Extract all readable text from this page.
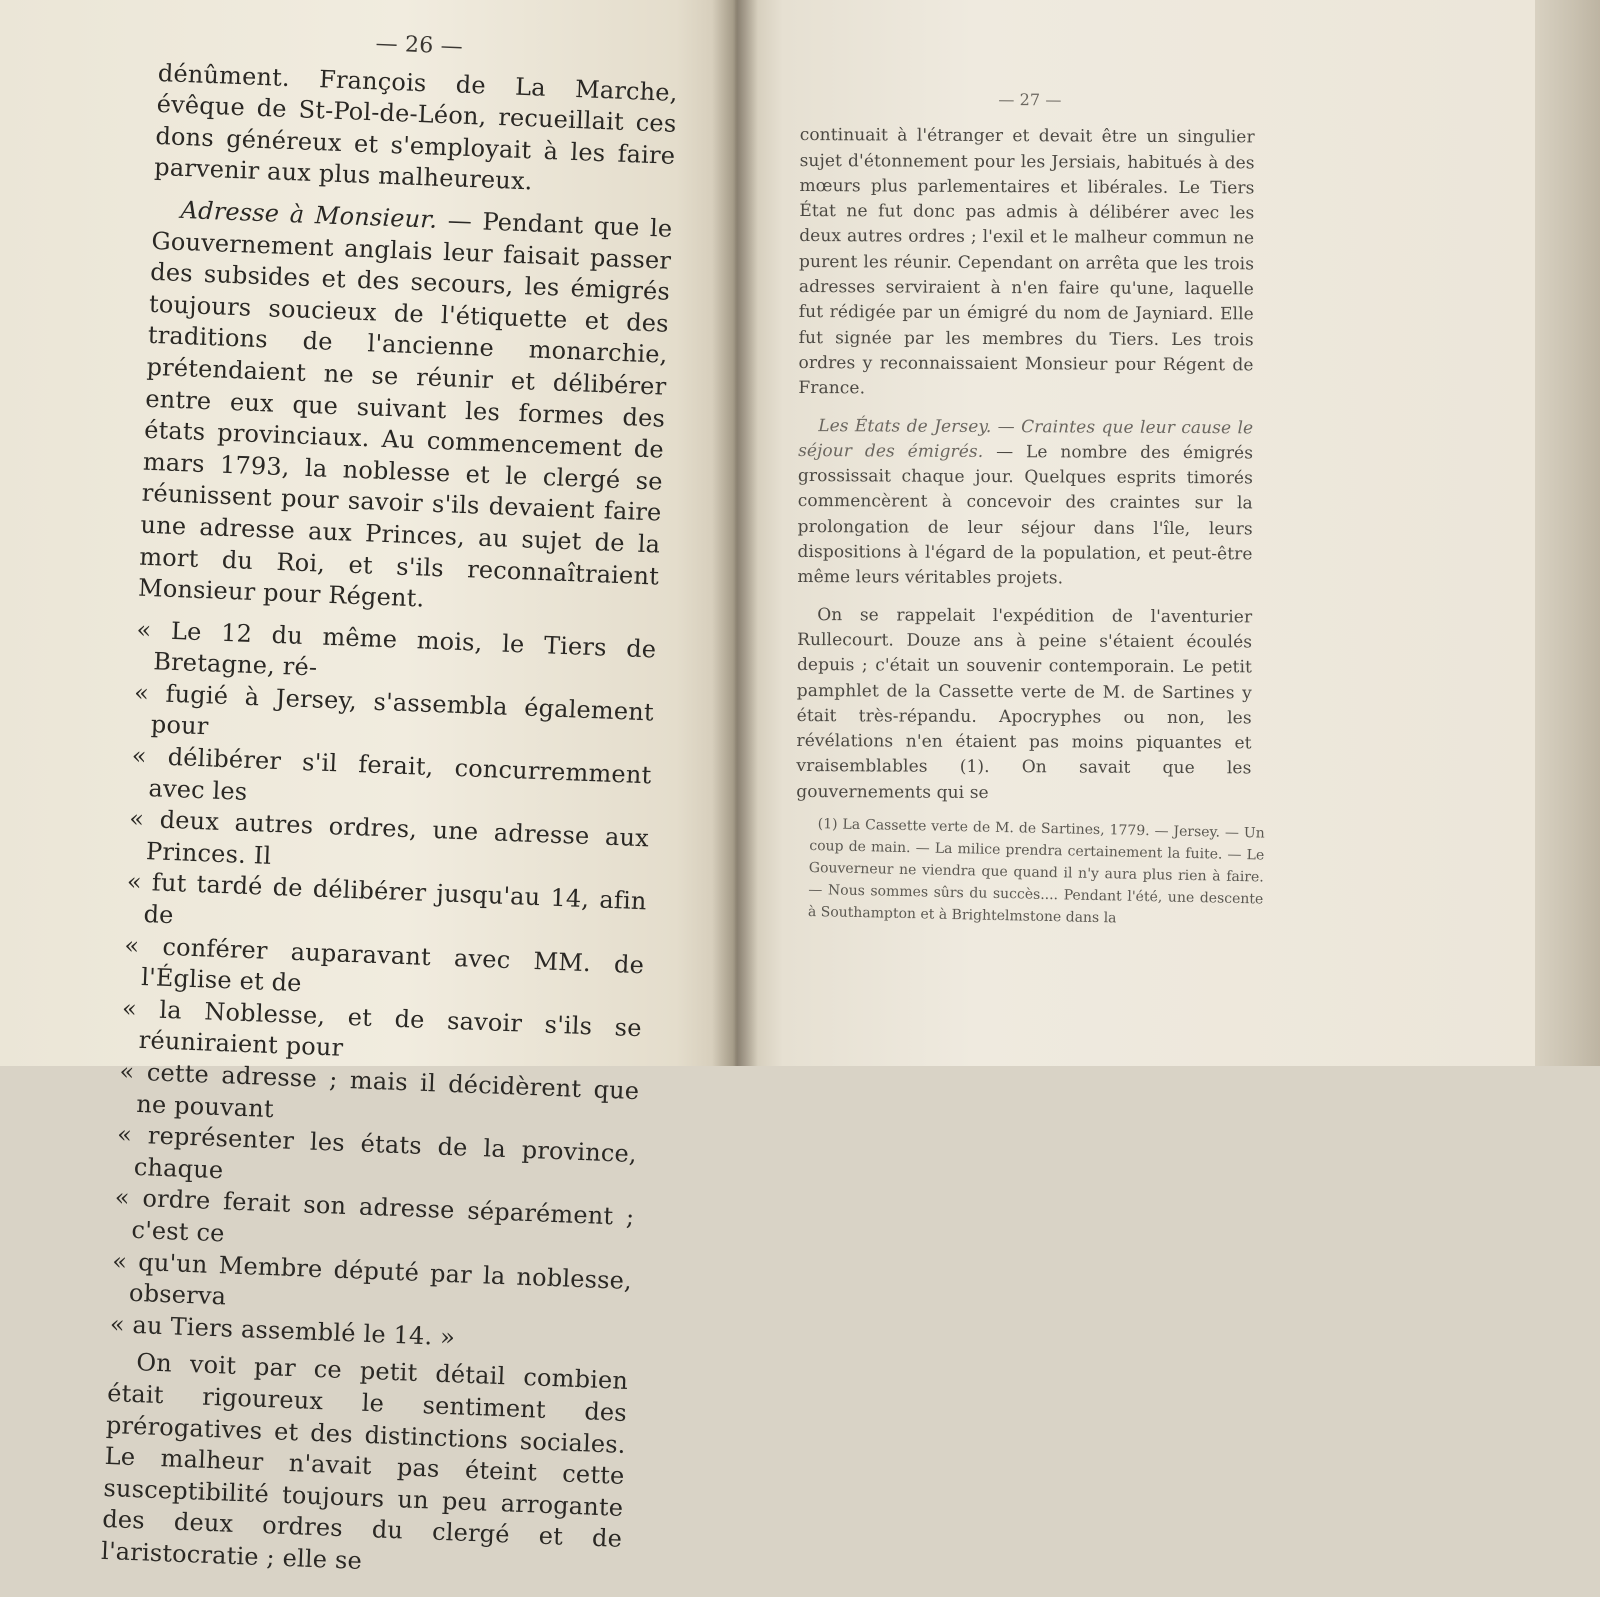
— 26 —

dénûment. François de La Marche, évêque de St-Pol-de-Léon, recueillait ces dons généreux et s'employait à les faire parvenir aux plus malheureux.

Adresse à Monsieur. — Pendant que le Gouvernement anglais leur faisait passer des subsides et des secours, les émigrés toujours soucieux de l'étiquette et des traditions de l'ancienne monarchie, prétendaient ne se réunir et délibérer entre eux que suivant les formes des états provinciaux. Au commencement de mars 1793, la noblesse et le clergé se réunissent pour savoir s'ils devaient faire une adresse aux Princes, au sujet de la mort du Roi, et s'ils reconnaîtraient Monsieur pour Régent.

« Le 12 du même mois, le Tiers de Bretagne, ré-
« fugié à Jersey, s'assembla également pour
« délibérer s'il ferait, concurremment avec les
« deux autres ordres, une adresse aux Princes. Il
« fut tardé de délibérer jusqu'au 14, afin de
« conférer auparavant avec MM. de l'Église et de
« la Noblesse, et de savoir s'ils se réuniraient pour
« cette adresse ; mais il décidèrent que ne pouvant
« représenter les états de la province, chaque
« ordre ferait son adresse séparément ; c'est ce
« qu'un Membre député par la noblesse, observa
« au Tiers assemblé le 14. »

On voit par ce petit détail combien était rigoureux le sentiment des prérogatives et des distinctions sociales. Le malheur n'avait pas éteint cette susceptibilité toujours un peu arrogante des deux ordres du clergé et de l'aristocratie ; elle se

— 27 —

continuait à l'étranger et devait être un singulier sujet d'étonnement pour les Jersiais, habitués à des mœurs plus parlementaires et libérales. Le Tiers État ne fut donc pas admis à délibérer avec les deux autres ordres ; l'exil et le malheur commun ne purent les réunir. Cependant on arrêta que les trois adresses serviraient à n'en faire qu'une, laquelle fut rédigée par un émigré du nom de Jayniard. Elle fut signée par les membres du Tiers. Les trois ordres y reconnaissaient Monsieur pour Régent de France.

Les États de Jersey. — Craintes que leur cause le séjour des émigrés. — Le nombre des émigrés grossissait chaque jour. Quelques esprits timorés commencèrent à concevoir des craintes sur la prolongation de leur séjour dans l'île, leurs dispositions à l'égard de la population, et peut-être même leurs véritables projets.

On se rappelait l'expédition de l'aventurier Rullecourt. Douze ans à peine s'étaient écoulés depuis ; c'était un souvenir contemporain. Le petit pamphlet de la Cassette verte de M. de Sartines y était très-répandu. Apocryphes ou non, les révélations n'en étaient pas moins piquantes et vraisemblables (1). On savait que les gouvernements qui se

(1) La Cassette verte de M. de Sartines, 1779. — Jersey. — Un coup de main. — La milice prendra certainement la fuite. — Le Gouverneur ne viendra que quand il n'y aura plus rien à faire. — Nous sommes sûrs du succès.... Pendant l'été, une descente à Southampton et à Brightelmstone dans la
